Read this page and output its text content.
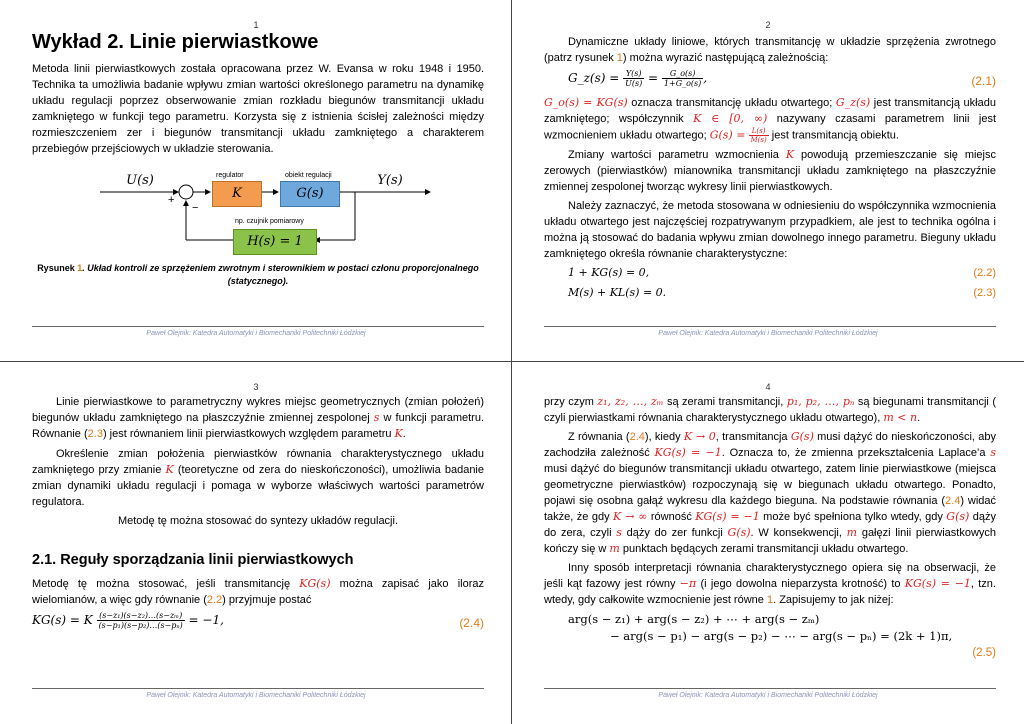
1
Wykład 2. Linie pierwiastkowe

Metoda linii pierwiastkowych została opracowana przez W. Evansa w roku 1948 i 1950. Technika ta umożliwia badanie wpływu zmian wartości określonego parametru na dynamikę układu regulacji poprzez obserwowanie zmian rozkładu biegunów transmitancji układu zamkniętego w funkcji tego parametru. Korzysta się z istnienia ścisłej zależności między rozmieszczeniem zer i biegunów transmitancji układu zamkniętego a charakterem przebiegów przejściowych w układzie sterowania.

U(s)	Y(s)
+
−
regulator
K
obiekt regulacji
G(s)
np. czujnik pomiarowy
H(s) = 1
Rysunek 1. Układ kontroli ze sprzężeniem zwrotnym i sterownikiem w postaci członu proporcjonalnego (statycznego).
Paweł Olejnik: Katedra Automatyki i Biomechaniki Politechniki Łódzkiej
2

Dynamiczne układy liniowe, których transmitancję w układzie sprzężenia zwrotnego (patrz rysunek 1) można wyrazić następującą zależnością:

G_z(s) = $\frac{Y(s)}{U(s)} = \frac{G\_o(s)}{1+G\_o(s)}$ ,	(2.1)

G_o(s) = KG(s) oznacza transmitancję układu otwartego; G_z(s) jest transmitancją układu zamkniętego; współczynnik K ∈ [0, ∞) nazywany czasami parametrem linii jest wzmocnieniem układu otwartego; $G(s) = \frac{L(s)}{M(s)}$ jest transmitancją obiektu.

Zmiany wartości parametru wzmocnienia K powodują przemieszczanie się miejsc zerowych (pierwiastków) mianownika transmitancji układu zamkniętego na płaszczyźnie zmiennej zespolonej tworząc wykresy linii pierwiastkowych.

Należy zaznaczyć, że metoda stosowana w odniesieniu do współczynnika wzmocnienia układu otwartego jest najczęściej rozpatrywanym przypadkiem, ale jest to technika ogólna i można ją stosować do badania wpływu zmian dowolnego innego parametru. Bieguny układu zamkniętego określa równanie charakterystyczne:

1 + KG(s) = 0,	(2.2)
M(s) + KL(s) = 0.	(2.3)
Paweł Olejnik: Katedra Automatyki i Biomechaniki Politechniki Łódzkiej
3

Linie pierwiastkowe to parametryczny wykres miejsc geometrycznych (zmian położeń) biegunów układu zamkniętego na płaszczyźnie zmiennej zespolonej s w funkcji parametru. Równanie (2.3) jest równaniem linii pierwiastkowych względem parametru K.

Określenie zmian położenia pierwiastków równania charakterystycznego układu zamkniętego przy zmianie K (teoretyczne od zera do nieskończoności), umożliwia badanie zmian dynamiki układu regulacji i pomaga w wyborze właściwych wartości parametrów regulatora.

Metodę tę można stosować do syntezy układów regulacji.

2.1. Reguły sporządzania linii pierwiastkowych

Metodę tę można stosować, jeśli transmitancję KG(s) można zapisać jako iloraz wielomianów, a więc gdy równanie (2.2) przyjmuje postać

KG(s) = K $\frac{\text{(s−z₁)(s−z₂)…(s−zₘ)}}{\text{(s−p₁)(s−p₂)…(s−pₙ)}} = -1$,	(2.4)
Paweł Olejnik: Katedra Automatyki i Biomechaniki Politechniki Łódzkiej
4

przy czym z₁, z₂, …, zₘ są zerami transmitancji, p₁, p₂, …, pₙ są biegunami transmitancji ( czyli pierwiastkami równania charakterystycznego układu otwartego), m < n.

Z równania (2.4), kiedy K → 0, transmitancja G(s) musi dążyć do nieskończoności, aby zachodziła zależność KG(s) = −1. Oznacza to, że zmienna przekształcenia Laplace’a s musi dążyć do biegunów transmitancji układu otwartego, zatem linie pierwiastkowe (miejsca geometryczne pierwiastków) rozpoczynają się w biegunach układu otwartego. Ponadto, pojawi się osobna gałąź wykresu dla każdego bieguna. Na podstawie równania (2.4) widać także, że gdy K → ∞ równość KG(s) = −1 może być spełniona tylko wtedy, gdy G(s) dąży do zera, czyli s dąży do zer funkcji G(s). W konsekwencji, m gałęzi linii pierwiastkowych kończy się w m punktach będących zerami transmitancji układu otwartego.

Inny sposób interpretacji równania charakterystycznego opiera się na obserwacji, że jeśli kąt fazowy jest równy −π (i jego dowolna nieparzysta krotność) to KG(s) = −1, tzn. wtedy, gdy całkowite wzmocnienie jest równe 1. Zapisujemy to jak niżej:

arg(s − z₁) + arg(s − z₂) + ⋯ + arg(s − zₘ)
− arg(s − p₁) − arg(s − p₂) − ⋯ − arg(s − pₙ) = (2k + 1)π,
(2.5)
Paweł Olejnik: Katedra Automatyki i Biomechaniki Politechniki Łódzkiej
